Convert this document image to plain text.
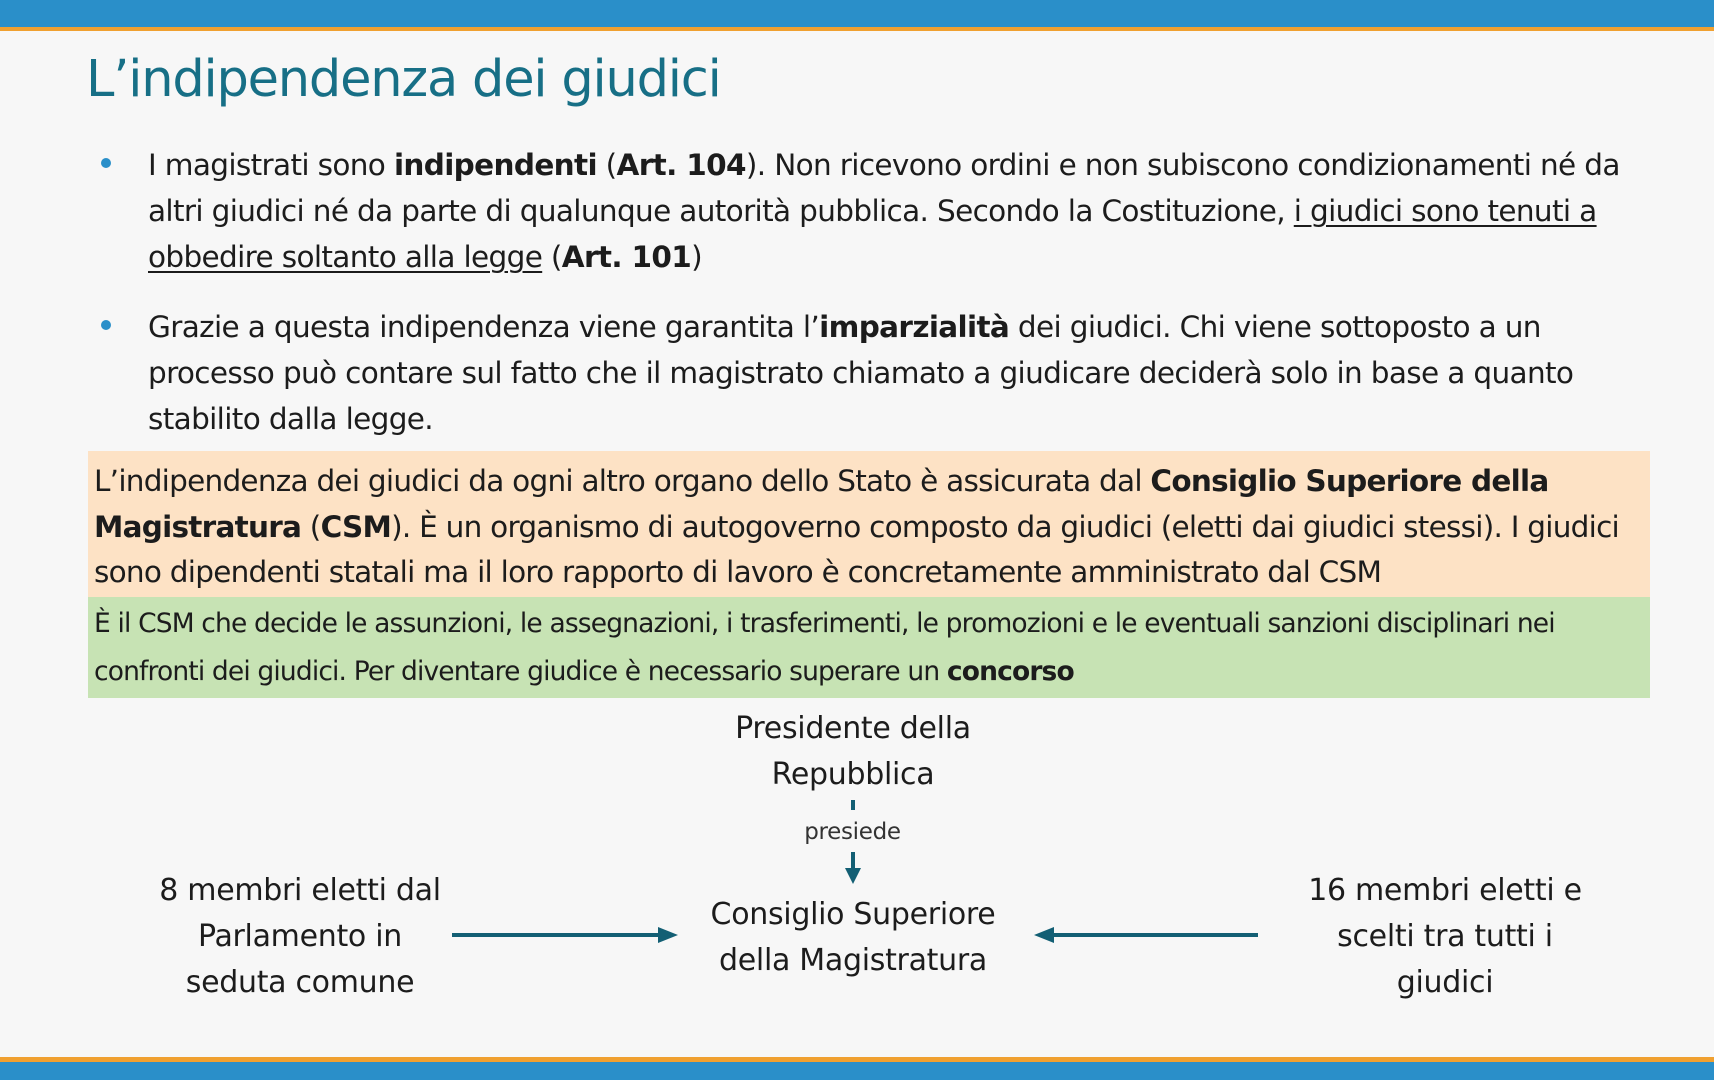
L’indipendenza dei giudici
I magistrati sono indipendenti (Art. 104). Non ricevono ordini e non subiscono condizionamenti né da altri giudici né da parte di qualunque autorità pubblica. Secondo la Costituzione, i giudici sono tenuti a obbedire soltanto alla legge (Art. 101)
Grazie a questa indipendenza viene garantita l’imparzialità dei giudici. Chi viene sottoposto a un processo può contare sul fatto che il magistrato chiamato a giudicare deciderà solo in base a quanto stabilito dalla legge.
L’indipendenza dei giudici da ogni altro organo dello Stato è assicurata dal Consiglio Superiore della Magistratura (CSM). È un organismo di autogoverno composto da giudici (eletti dai giudici stessi). I giudici sono dipendenti statali ma il loro rapporto di lavoro è concretamente amministrato dal CSM
È il CSM che decide le assunzioni, le assegnazioni, i trasferimenti, le promozioni e le eventuali sanzioni disciplinari nei confronti dei giudici. Per diventare giudice è necessario superare un concorso
Presidente della
Repubblica
presiede
Consiglio Superiore
della Magistratura
8 membri eletti dal
Parlamento in
seduta comune
16 membri eletti e
scelti tra tutti i
giudici
